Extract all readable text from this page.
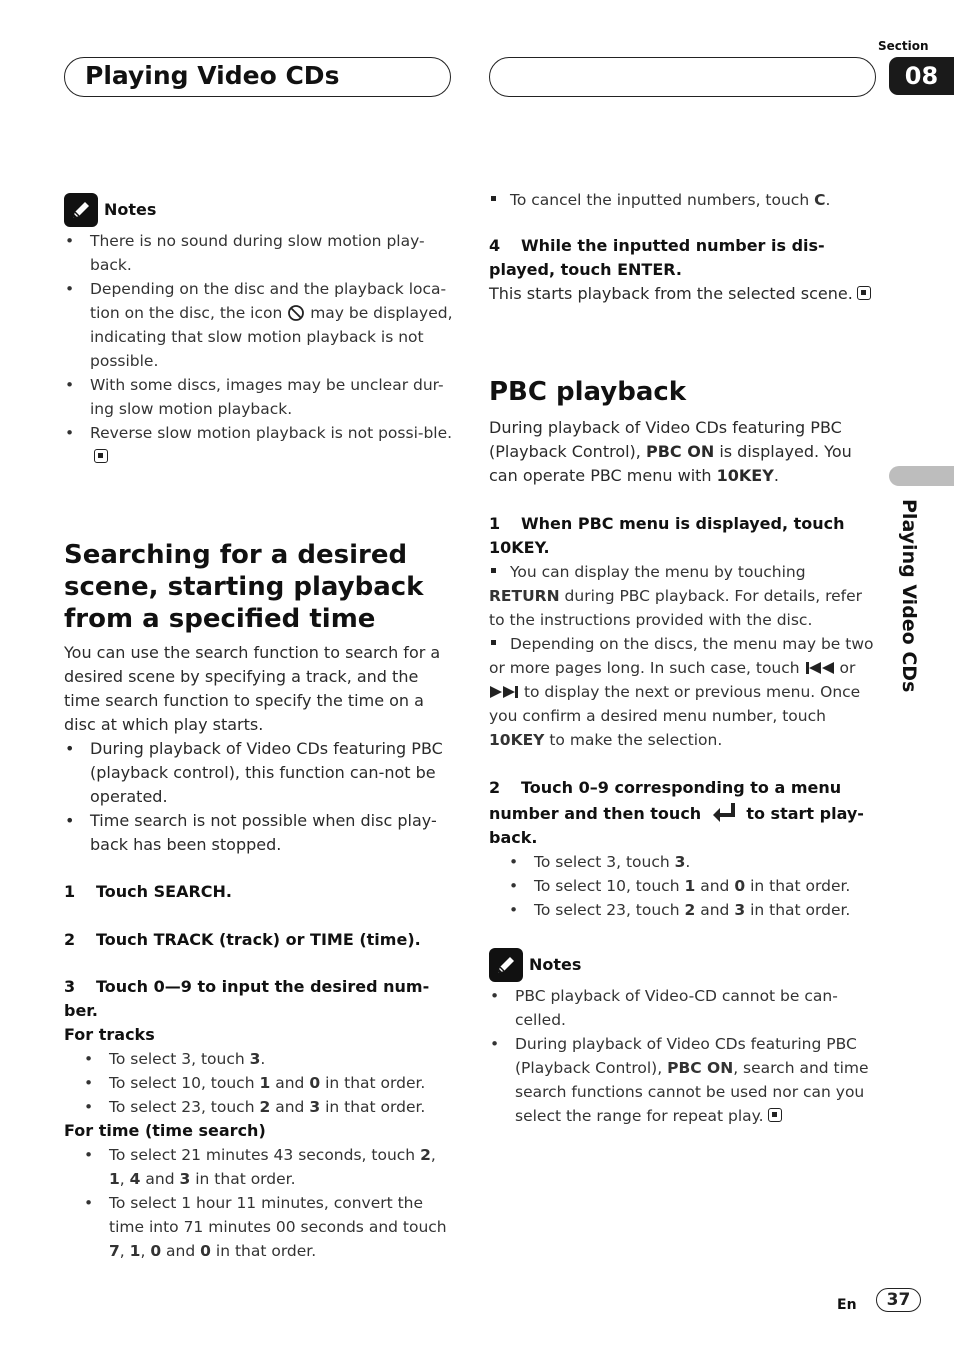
Playing Video CDs
Section
08
Playing Video CDs
Notes
• There is no sound during slow motion play-back.
• Depending on the disc and the playback loca-tion on the disc, the icon may be displayed, indicating that slow motion playback is not possible.
• With some discs, images may be unclear dur-ing slow motion playback.
• Reverse slow motion playback is not possi-ble.
Searching for a desired scene, starting playback from a specified time

You can use the search function to search for a desired scene by specifying a track, and the time search function to specify the time on a disc at which play starts.

• During playback of Video CDs featuring PBC (playback control), this function can-not be operated.
• Time search is not possible when disc play-back has been stopped.
1 Touch SEARCH.
2 Touch TRACK (track) or TIME (time).
3 Touch 0—9 to input the desired num-ber.
For tracks
• To select 3, touch 3.
• To select 10, touch 1 and 0 in that order.
• To select 23, touch 2 and 3 in that order.
For time (time search)
• To select 21 minutes 43 seconds, touch 2, 1, 4 and 3 in that order.
• To select 1 hour 11 minutes, convert the time into 71 minutes 00 seconds and touch 7, 1, 0 and 0 in that order.

To cancel the inputted numbers, touch C.

4 While the inputted number is dis-played, touch ENTER.

This starts playback from the selected scene.

PBC playback

During playback of Video CDs featuring PBC (Playback Control), PBC ON is displayed. You can operate PBC menu with 10KEY.

1 When PBC menu is displayed, touch 10KEY.

You can display the menu by touching RETURN during PBC playback. For details, refer to the instructions provided with the disc.

Depending on the discs, the menu may be two or more pages long. In such case, touch	or  to display the next or previous menu. Once you confirm a desired menu number, touch 10KEY to make the selection.

2 Touch 0–9 corresponding to a menu number and then touch	to start play-back.
• To select 3, touch 3.
• To select 10, touch 1 and 0 in that order.
• To select 23, touch 2 and 3 in that order.
Notes
• PBC playback of Video-CD cannot be can-celled.
• During playback of Video CDs featuring PBC (Playback Control), PBC ON, search and time search functions cannot be used nor can you select the range for repeat play.
En	37
